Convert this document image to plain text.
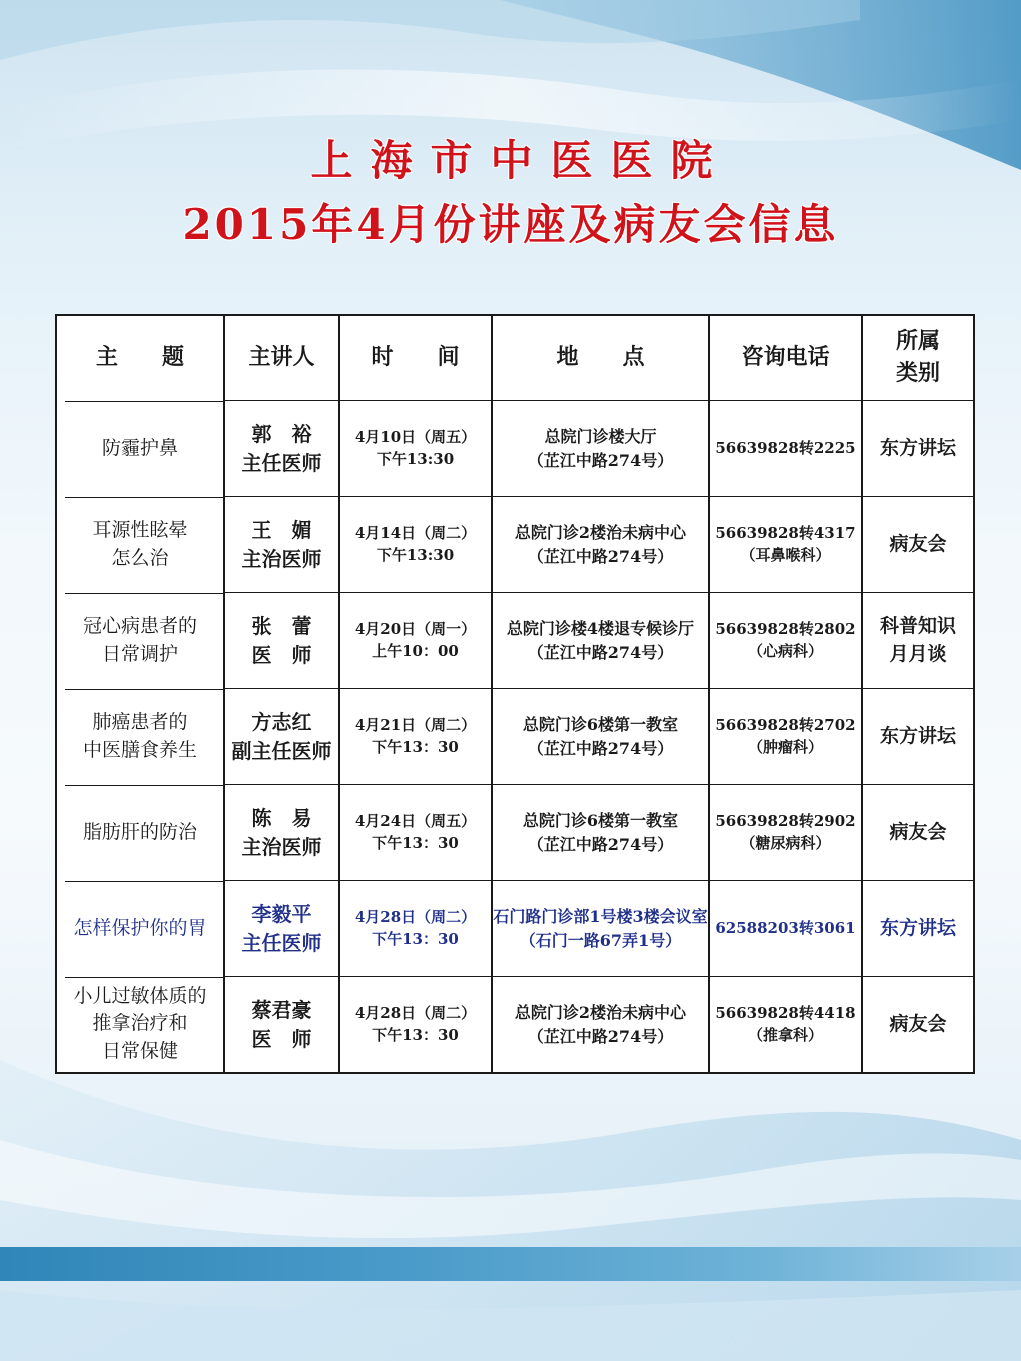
上海市中医医院
2015年4月份讲座及病友会信息
主　　题	主讲人	时　　间	地　　点	咨询电话	所属
类别

防霾护鼻	郭　裕
主任医师	4月10日（周五）
下午13:30	总院门诊楼大厅
（芷江中路274号）	56639828转2225	东方讲坛

耳源性眩晕
怎么治	王　媚
主治医师	4月14日（周二）
下午13:30	总院门诊2楼治未病中心
（芷江中路274号）	56639828转4317
（耳鼻喉科）	病友会

冠心病患者的
日常调护	张　蕾
医　师	4月20日（周一）
上午10：00	总院门诊楼4楼退专候诊厅
（芷江中路274号）	56639828转2802
（心病科）	科普知识
月月谈

肺癌患者的
中医膳食养生	方志红
副主任医师	4月21日（周二）
下午13：30	总院门诊6楼第一教室
（芷江中路274号）	56639828转2702
（肿瘤科）	东方讲坛

脂肪肝的防治	陈　易
主治医师	4月24日（周五）
下午13：30	总院门诊6楼第一教室
（芷江中路274号）	56639828转2902
（糖尿病科）	病友会

怎样保护你的胃	李毅平
主任医师	4月28日（周二）
下午13：30	石门路门诊部1号楼3楼会议室
（石门一路67弄1号）	62588203转3061	东方讲坛

小儿过敏体质的
推拿治疗和
日常保健	蔡君豪
医　师	4月28日（周二）
下午13：30	总院门诊2楼治未病中心
（芷江中路274号）	56639828转4418
（推拿科）	病友会
